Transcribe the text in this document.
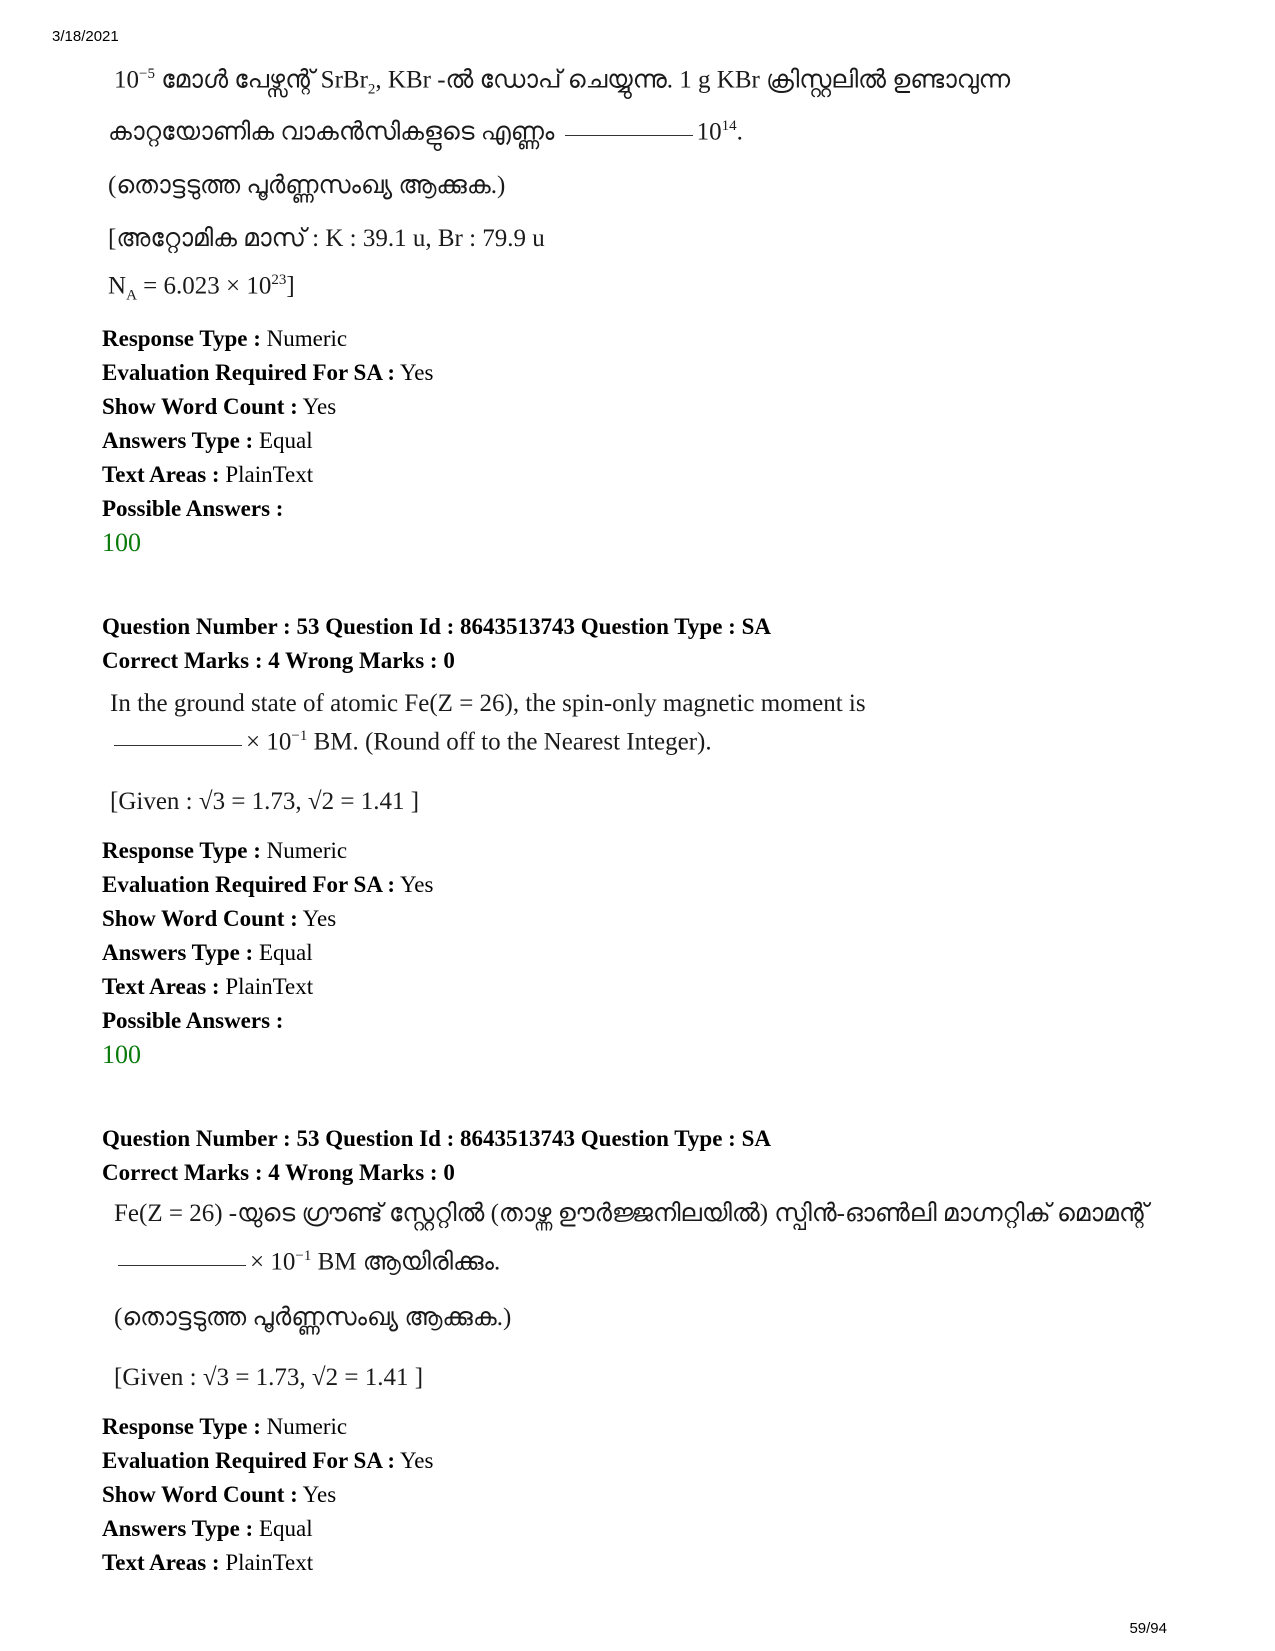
3/18/2021
$10^{-5}$ മോൾ പേഴ്സന്റ് SrBr$_2$, KBr -ൽ ഡോപ് ചെയ്യുന്നു. 1 g KBr ക്രിസ്റ്റലിൽ ഉണ്ടാവുന്ന
കാറ്റയോണിക വാകൻസികളുടെ എണ്ണം	$10^{14}$.
(തൊട്ടടുത്ത പൂർണ്ണസംഖ്യ ആക്കുക.)
[അറ്റോമിക മാസ് : K : 39.1 u, Br : 79.9 u
$N_A = 6.023 \times 10^{23}$]
Response Type : Numeric
Evaluation Required For SA : Yes
Show Word Count : Yes
Answers Type : Equal
Text Areas : PlainText
Possible Answers :
100
Question Number : 53 Question Id : 8643513743 Question Type : SA
Correct Marks : 4 Wrong Marks : 0
In the ground state of atomic Fe(Z = 26), the spin-only magnetic moment is
× $10^{-1}$ BM. (Round off to the Nearest Integer).
[Given : √3 = 1.73, √2 = 1.41 ]
Response Type : Numeric
Evaluation Required For SA : Yes
Show Word Count : Yes
Answers Type : Equal
Text Areas : PlainText
Possible Answers :
100
Question Number : 53 Question Id : 8643513743 Question Type : SA
Correct Marks : 4 Wrong Marks : 0
Fe(Z = 26) -യുടെ ഗ്രൗണ്ട് സ്റ്റേറ്റിൽ (താഴ്ന്ന ഊർജ്ജനിലയിൽ) സ്പിൻ-ഓൺലി മാഗ്നറ്റിക് മൊമന്റ്
× $10^{-1}$ BM ആയിരിക്കും.
(തൊട്ടടുത്ത പൂർണ്ണസംഖ്യ ആക്കുക.)
[Given : √3 = 1.73, √2 = 1.41 ]
Response Type : Numeric
Evaluation Required For SA : Yes
Show Word Count : Yes
Answers Type : Equal
Text Areas : PlainText
59/94
